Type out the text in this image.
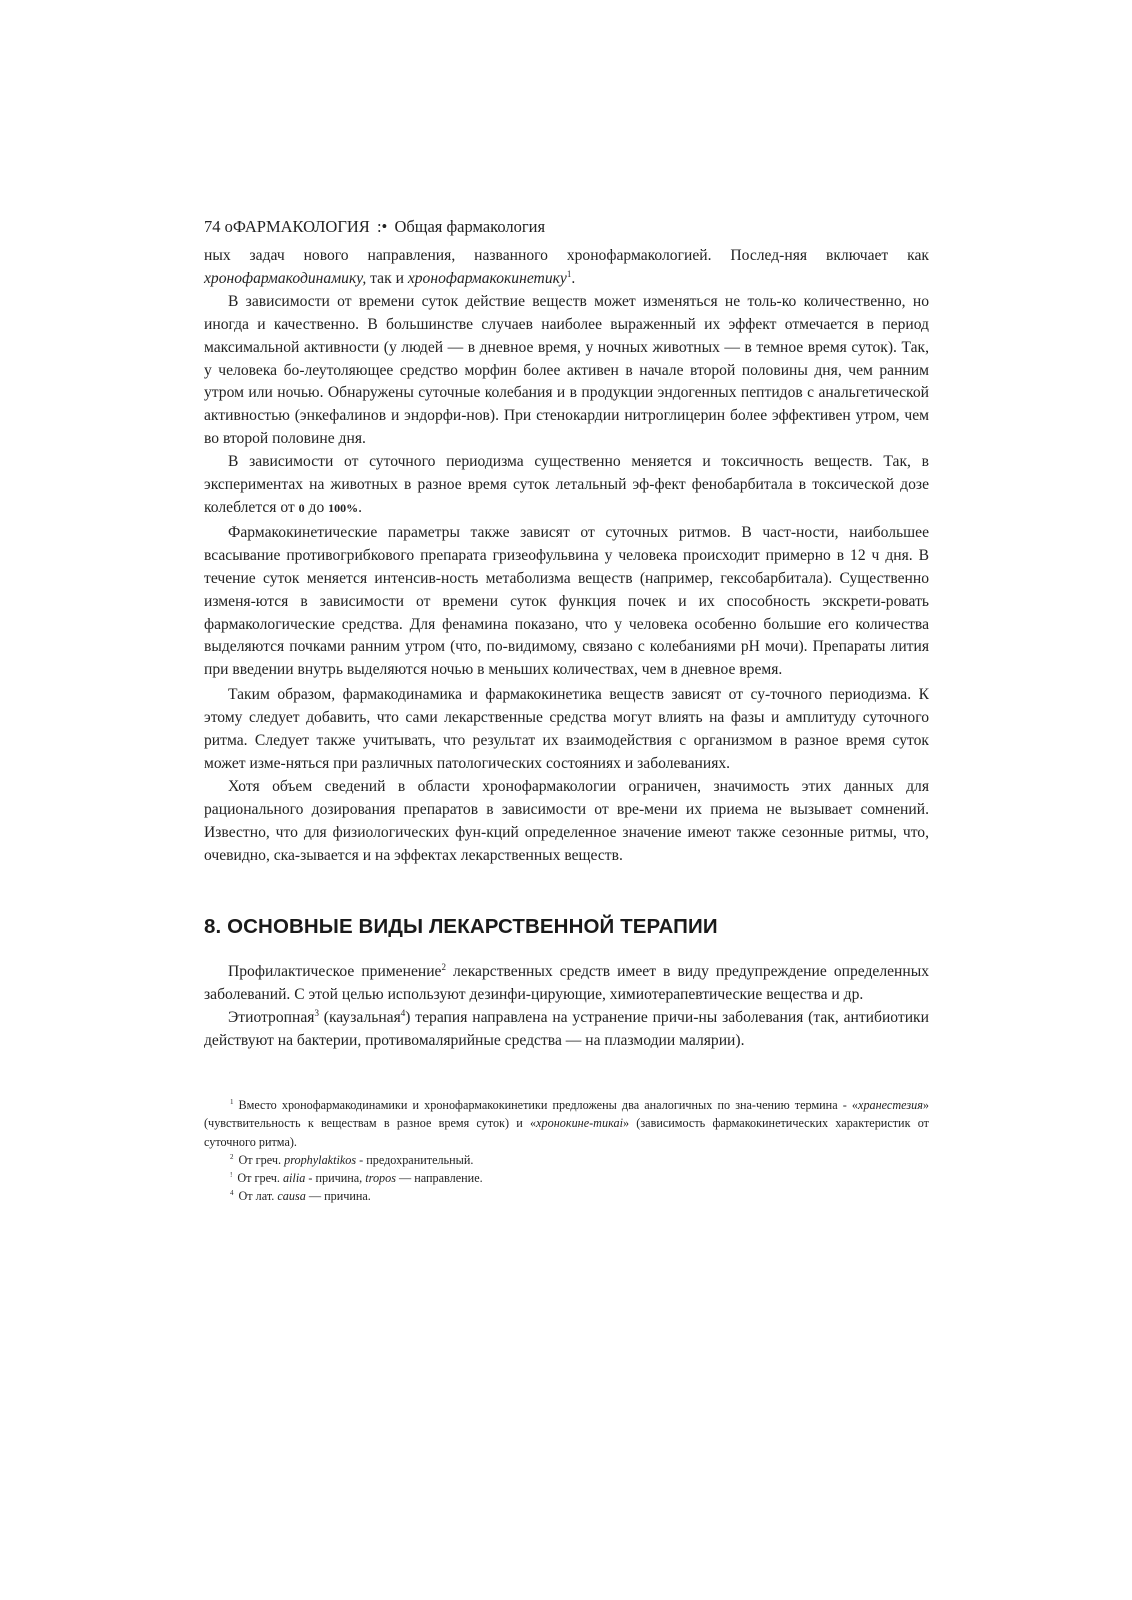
74 оФАРМАКОЛОГИЯ :• Общая фармакология

ных задач нового направления, названного хронофармакологией. Послед-няя включает как хронофармакодинамику, так и хронофармакокинетику$^1$.

В зависимости от времени суток действие веществ может изменяться не толь-ко количественно, но иногда и качественно. В большинстве случаев наиболее выраженный их эффект отмечается в период максимальной активности (у людей — в дневное время, у ночных животных — в темное время суток). Так, у человека бо-леутоляющее средство морфин более активен в начале второй половины дня, чем ранним утром или ночью. Обнаружены суточные колебания и в продукции эндогенных пептидов с анальгетической активностью (энкефалинов и эндорфи-нов). При стенокардии нитроглицерин более эффективен утром, чем во второй половине дня.

В зависимости от суточного периодизма существенно меняется и токсичность веществ. Так, в экспериментах на животных в разное время суток летальный эф-фект фенобарбитала в токсической дозе колеблется от 0 до 100%.

Фармакокинетические параметры также зависят от суточных ритмов. В част-ности, наибольшее всасывание противогрибкового препарата гризеофульвина у человека происходит примерно в 12 ч дня. В течение суток меняется интенсив-ность метаболизма веществ (например, гексобарбитала). Существенно изменя-ются в зависимости от времени суток функция почек и их способность экскрети-ровать фармакологические средства. Для фенамина показано, что у человека особенно большие его количества выделяются почками ранним утром (что, по-видимому, связано с колебаниями рН мочи). Препараты лития при введении внутрь выделяются ночью в меньших количествах, чем в дневное время.

Таким образом, фармакодинамика и фармакокинетика веществ зависят от су-точного периодизма. К этому следует добавить, что сами лекарственные средства могут влиять на фазы и амплитуду суточного ритма. Следует также учитывать, что результат их взаимодействия с организмом в разное время суток может изме-няться при различных патологических состояниях и заболеваниях.

Хотя объем сведений в области хронофармакологии ограничен, значимость этих данных для рационального дозирования препаратов в зависимости от вре-мени их приема не вызывает сомнений. Известно, что для физиологических фун-кций определенное значение имеют также сезонные ритмы, что, очевидно, ска-зывается и на эффектах лекарственных веществ.

8. ОСНОВНЫЕ ВИДЫ ЛЕКАРСТВЕННОЙ ТЕРАПИИ

Профилактическое применение$^2$ лекарственных средств имеет в виду предупреждение определенных заболеваний. С этой целью используют дезинфи-цирующие, химиотерапевтические вещества и др.

Этиотропная$^3$ (каузальная$^4$) терапия направлена на устранение причи-ны заболевания (так, антибиотики действуют на бактерии, противомалярийные средства — на плазмодии малярии).

$^1$ Вместо хронофармакодинамики и хронофармакокинетики предложены два аналогичных по зна-чению термина - «хранестезия» (чувствительность к веществам в разное время суток) и «хронокине-тикаi» (зависимость фармакокинетических характеристик от суточного ритма).

$^2$ От греч. prophylaktikos - предохранительный.

! От греч. ailia - причина, tropos — направление.

$^4$ От лат. causa — причина.
